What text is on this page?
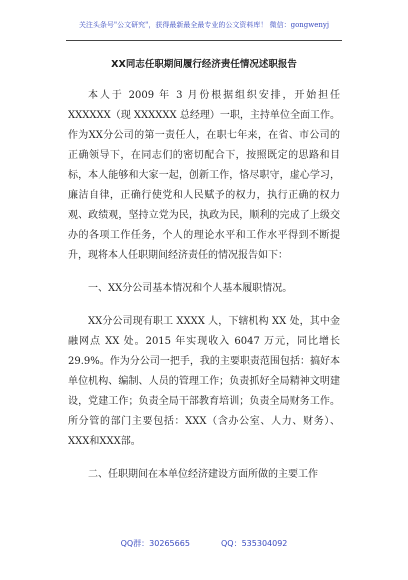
关注头条号"公文研究"，获得最新最全最专业的公文资料库！ 微信：gongwenyj
XX同志任职期间履行经济责任情况述职报告

本人于 2009 年 3 月份根据组织安排，开始担任XXXXXX（现 XXXXXX 总经理）一职，主持单位全面工作。作为XX分公司的第一责任人，在职七年来，在省、市公司的正确领导下，在同志们的密切配合下，按照既定的思路和目标，本人能够和大家一起，创新工作，恪尽职守，虚心学习，廉洁自律，正确行使党和人民赋予的权力，执行正确的权力观、政绩观，坚持立党为民，执政为民，顺利的完成了上级交办的各项工作任务，个人的理论水平和工作水平得到不断提升，现将本人任职期间经济责任的情况报告如下：

一、XX分公司基本情况和个人基本履职情况。

XX分公司现有职工 XXXX 人，下辖机构 XX 处，其中金融网点 XX 处。2015 年实现收入 6047 万元，同比增长29.9%。作为分公司一把手，我的主要职责范围包括：搞好本单位机构、编制、人员的管理工作；负责抓好全局精神文明建设，党建工作；负责全局干部教育培训；负责全局财务工作。所分管的部门主要包括：XXX（含办公室、人力、财务）、XXX和XXX部。

二、任职期间在本单位经济建设方面所做的主要工作

QQ群：30265665	QQ：535304092
